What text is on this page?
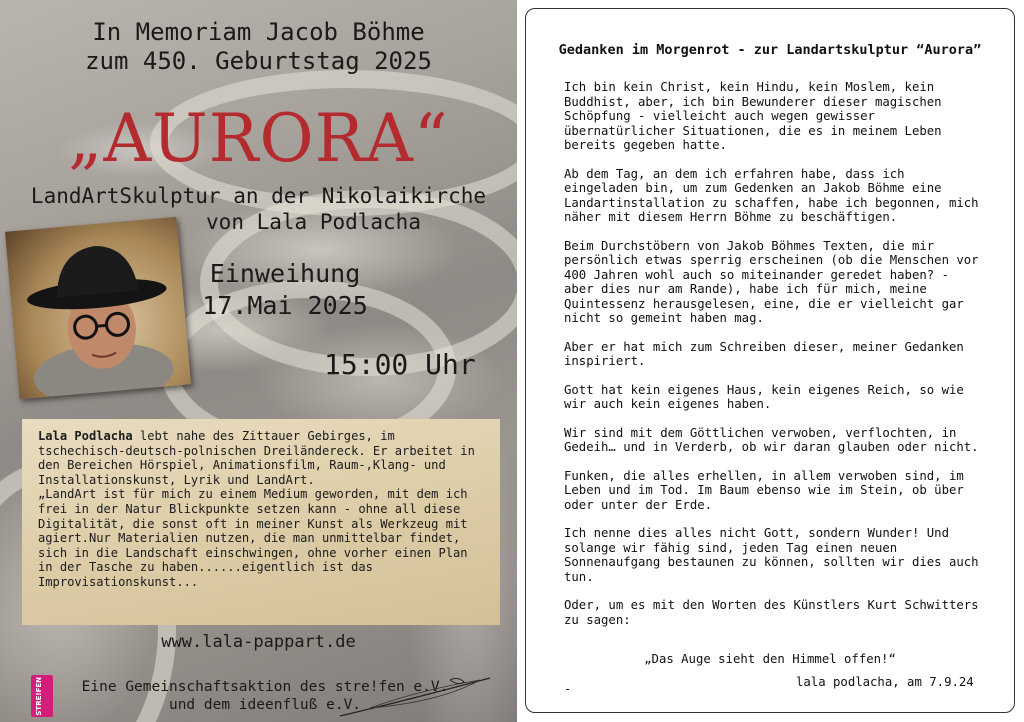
In Memoriam Jacob Böhme
zum 450. Geburtstag 2025
„AURORA“
LandArtSkulptur an der Nikolaikirche
von Lala Podlacha
Einweihung
17.Mai 2025
15:00 Uhr
Lala Podlacha lebt nahe des Zittauer Gebirges, im tschechisch-deutsch-polnischen Dreiländereck. Er arbeitet in den Bereichen Hörspiel, Animationsfilm, Raum-,Klang- und Installationskunst, Lyrik und LandArt.
„LandArt ist für mich zu einem Medium geworden, mit dem ich frei in der Natur Blickpunkte setzen kann - ohne all diese Digitalität, die sonst oft in meiner Kunst als Werkzeug mit agiert.Nur Materialien nutzen, die man unmittelbar findet, sich in die Landschaft einschwingen, ohne vorher einen Plan in der Tasche zu haben......eigentlich ist das Improvisationskunst...
www.lala-pappart.de
STRE!FEN	Eine Gemeinschaftsaktion des stre!fen e.V.
und dem ideenfluß e.V.
Gedanken im Morgenrot - zur Landartskulptur “Aurora”

Ich bin kein Christ, kein Hindu, kein Moslem, kein Buddhist, aber, ich bin Bewunderer dieser magischen Schöpfung - vielleicht auch wegen gewisser übernatürlicher Situationen, die es in meinem Leben bereits gegeben hatte.

Ab dem Tag, an dem ich erfahren habe, dass ich eingeladen bin, um zum Gedenken an Jakob Böhme eine Landartinstallation zu schaffen, habe ich begonnen, mich näher mit diesem Herrn Böhme zu beschäftigen.

Beim Durchstöbern von Jakob Böhmes Texten, die mir persönlich etwas sperrig erscheinen (ob die Menschen vor 400 Jahren wohl auch so miteinander geredet haben? - aber dies nur am Rande), habe ich für mich, meine Quintessenz herausgelesen, eine, die er vielleicht gar nicht so gemeint haben mag.

Aber er hat mich zum Schreiben dieser, meiner Gedanken inspiriert.

Gott hat kein eigenes Haus, kein eigenes Reich, so wie wir auch kein eigenes haben.

Wir sind mit dem Göttlichen verwoben, verflochten, in Gedeih… und in Verderb, ob wir daran glauben oder nicht.

Funken, die alles erhellen, in allem verwoben sind, im Leben und im Tod. Im Baum ebenso wie im Stein, ob über oder unter der Erde.

Ich nenne dies alles nicht Gott, sondern Wunder! Und solange wir fähig sind, jeden Tag einen neuen Sonnenaufgang bestaunen zu können, sollten wir dies auch tun.

Oder, um es mit den Worten des Künstlers Kurt Schwitters zu sagen:

„Das Auge sieht den Himmel offen!“
lala podlacha, am 7.9.24
-
